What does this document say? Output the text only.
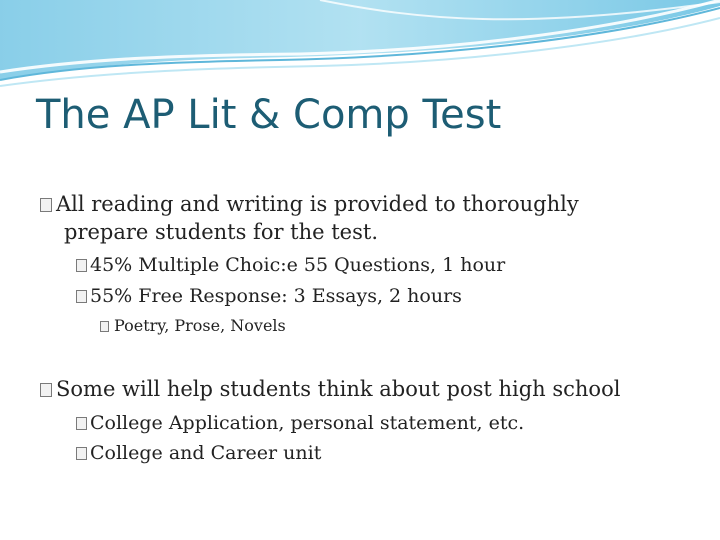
The AP Lit & Comp Test
All reading and writing is provided to thoroughly
prepare students for the test.
45% Multiple Choic:e 55 Questions, 1 hour
55% Free Response: 3 Essays, 2 hours
Poetry, Prose, Novels
Some will help students think about post high school
College Application, personal statement, etc.
College and Career unit
